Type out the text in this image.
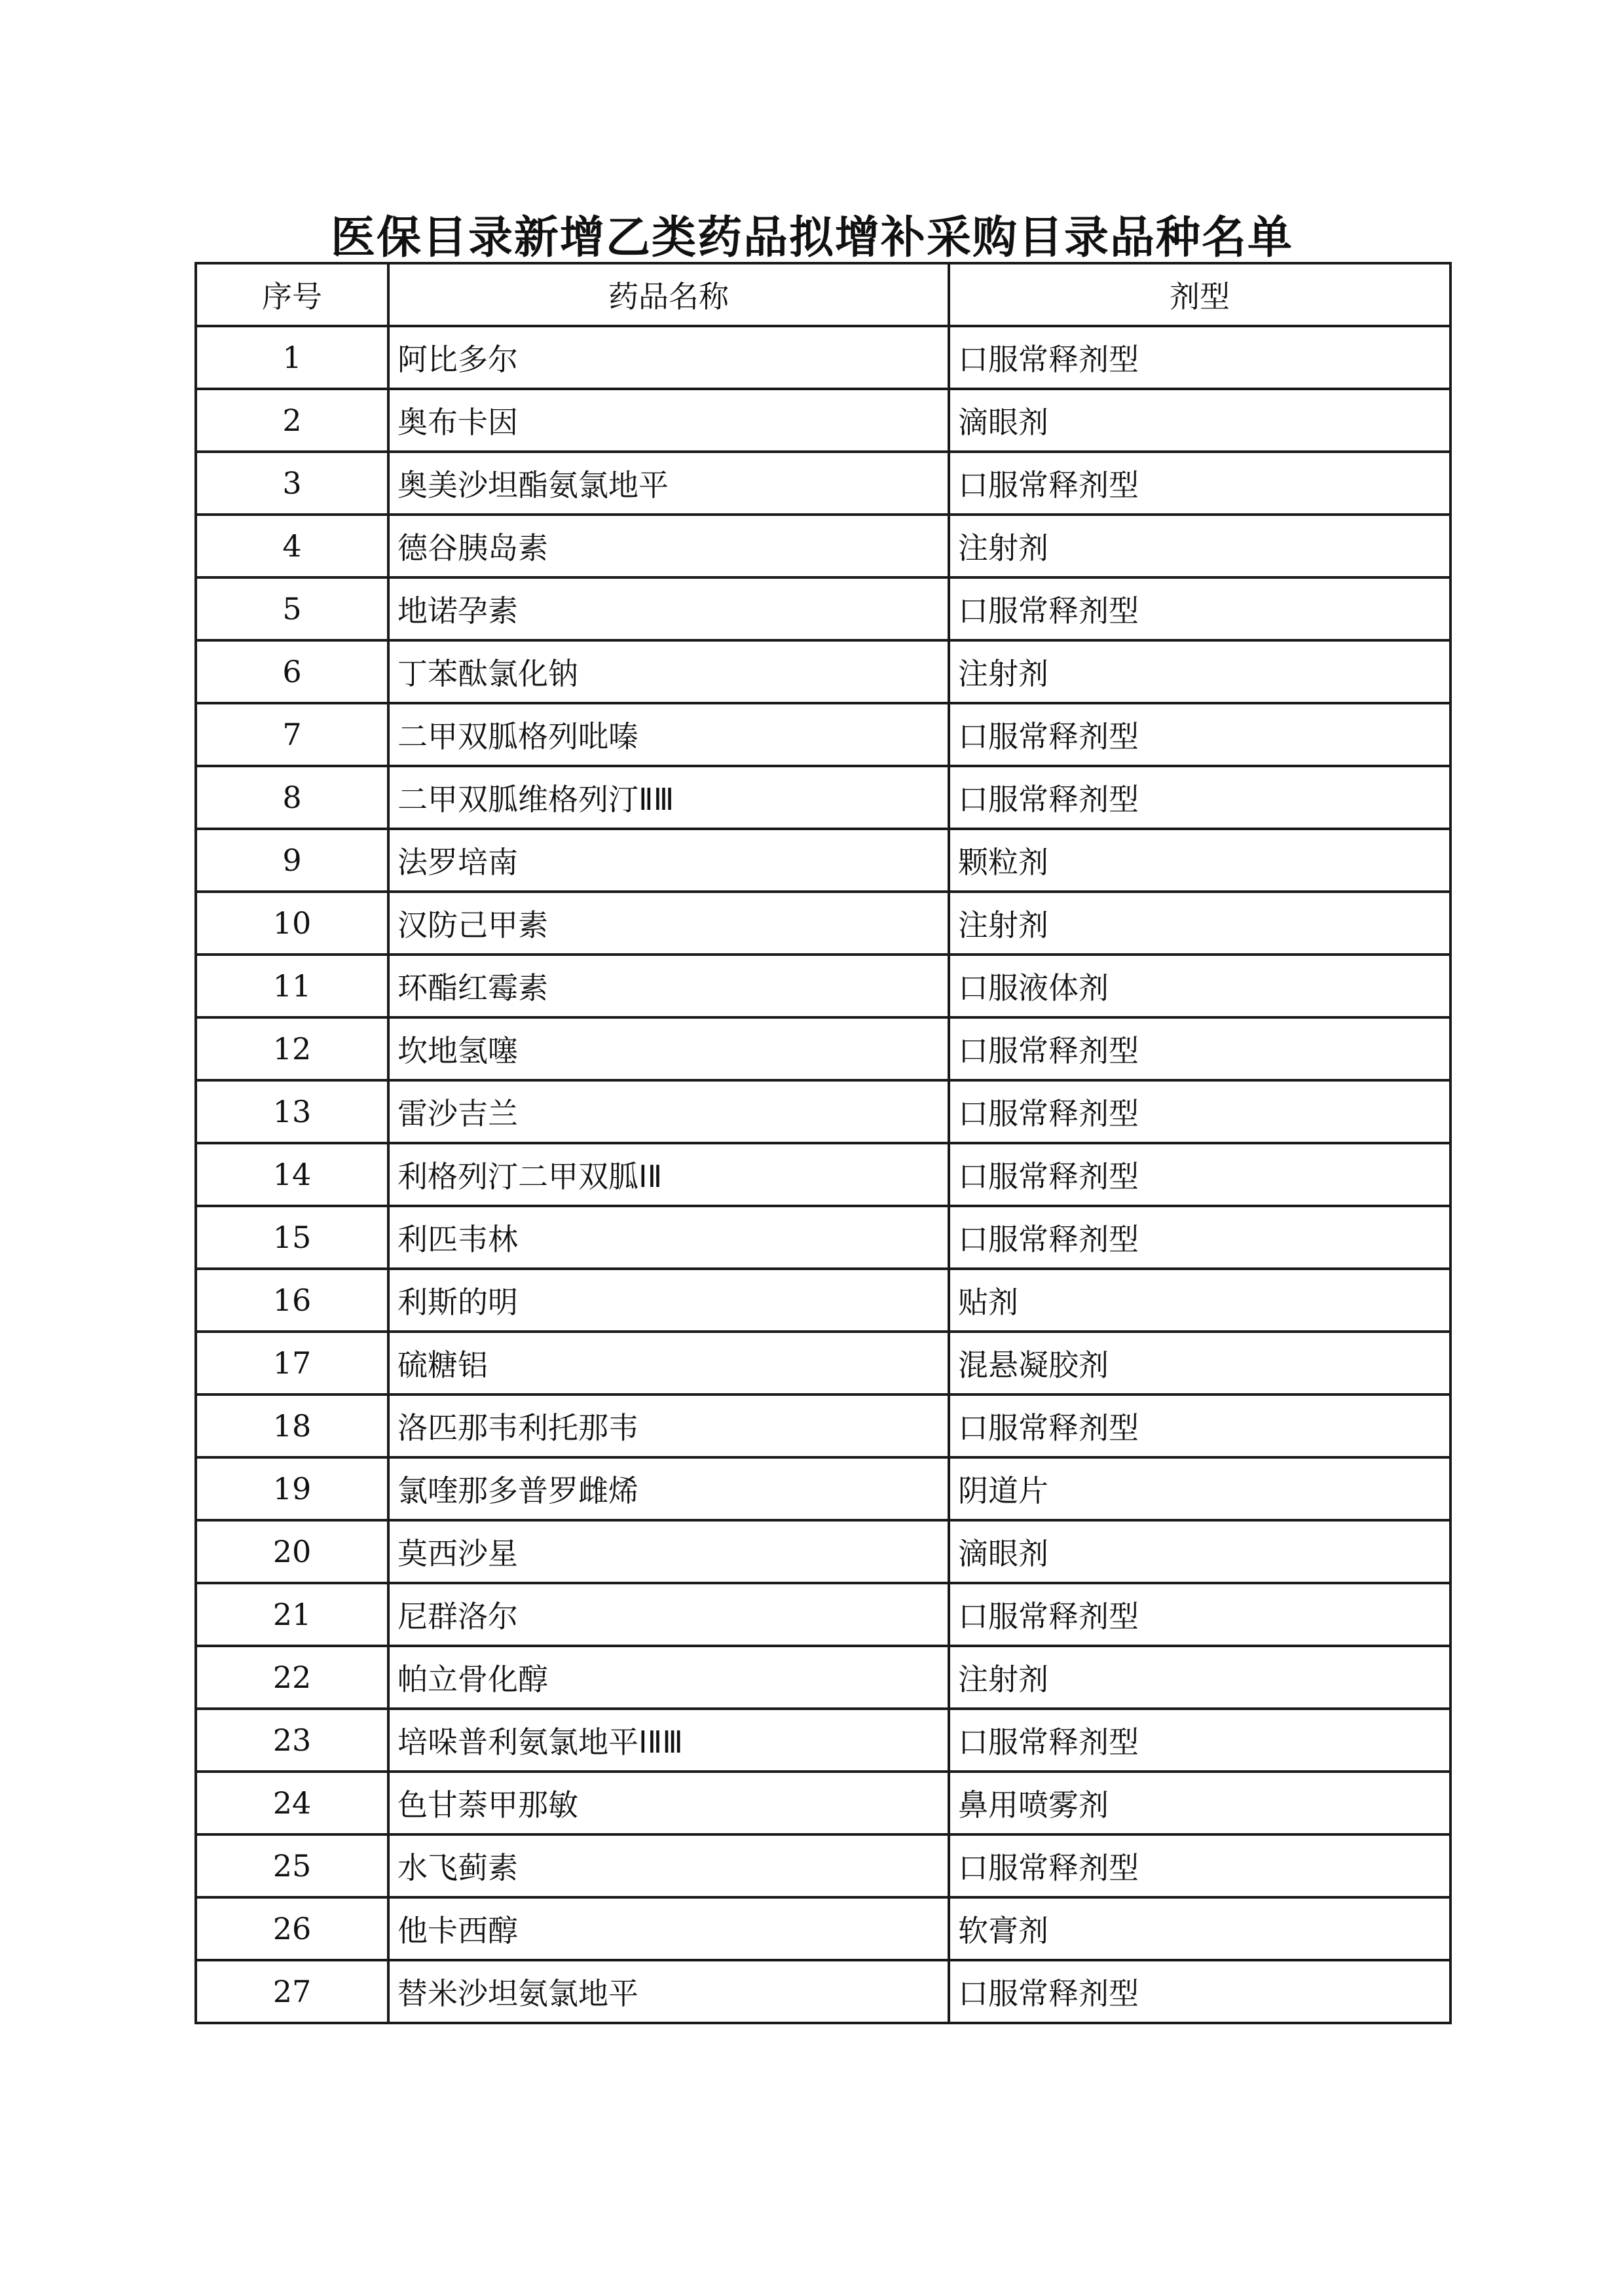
医保目录新增乙类药品拟增补采购目录品种名单
序号	药品名称	剂型
1	阿比多尔	口服常释剂型
2	奥布卡因	滴眼剂
3	奥美沙坦酯氨氯地平	口服常释剂型
4	德谷胰岛素	注射剂
5	地诺孕素	口服常释剂型
6	丁苯酞氯化钠	注射剂
7	二甲双胍格列吡嗪	口服常释剂型
8	二甲双胍维格列汀ⅡⅢ	口服常释剂型
9	法罗培南	颗粒剂
10	汉防己甲素	注射剂
11	环酯红霉素	口服液体剂
12	坎地氢噻	口服常释剂型
13	雷沙吉兰	口服常释剂型
14	利格列汀二甲双胍ⅠⅡ	口服常释剂型
15	利匹韦林	口服常释剂型
16	利斯的明	贴剂
17	硫糖铝	混悬凝胶剂
18	洛匹那韦利托那韦	口服常释剂型
19	氯喹那多普罗雌烯	阴道片
20	莫西沙星	滴眼剂
21	尼群洛尔	口服常释剂型
22	帕立骨化醇	注射剂
23	培哚普利氨氯地平ⅠⅡⅢ	口服常释剂型
24	色甘萘甲那敏	鼻用喷雾剂
25	水飞蓟素	口服常释剂型
26	他卡西醇	软膏剂
27	替米沙坦氨氯地平	口服常释剂型
